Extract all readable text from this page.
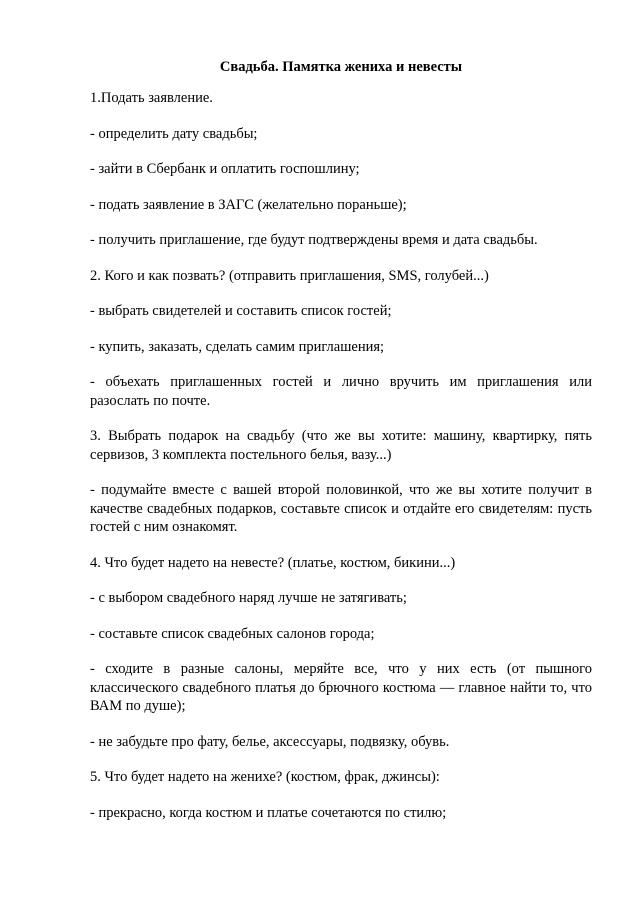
Свадьба. Памятка жениха и невесты

1.Подать заявление.

- определить дату свадьбы;

- зайти в Сбербанк и оплатить госпошлину;

- подать заявление в ЗАГС (желательно пораньше);

- получить приглашение, где будут подтверждены время и дата свадьбы.

2. Кого и как позвать? (отправить приглашения, SMS, голубей...)

- выбрать свидетелей и составить список гостей;

- купить, заказать, сделать самим приглашения;

- объехать приглашенных гостей и лично вручить им приглашения или разослать по почте.

3. Выбрать подарок на свадьбу (что же вы хотите: машину, квартирку, пять сервизов, 3 комплекта постельного белья, вазу...)

- подумайте вместе с вашей второй половинкой, что же вы хотите получит в качестве свадебных подарков, составьте список и отдайте его свидетелям: пусть гостей с ним ознакомят.

4. Что будет надето на невесте? (платье, костюм, бикини...)

- с выбором свадебного наряд лучше не затягивать;

- составьте список свадебных салонов города;

- сходите в разные салоны, меряйте все, что у них есть (от пышного классического свадебного платья до брючного костюма — главное найти то, что ВАМ по душе);

- не забудьте про фату, белье, аксессуары, подвязку, обувь.

5. Что будет надето на женихе? (костюм, фрак, джинсы):

- прекрасно, когда костюм и платье сочетаются по стилю;
